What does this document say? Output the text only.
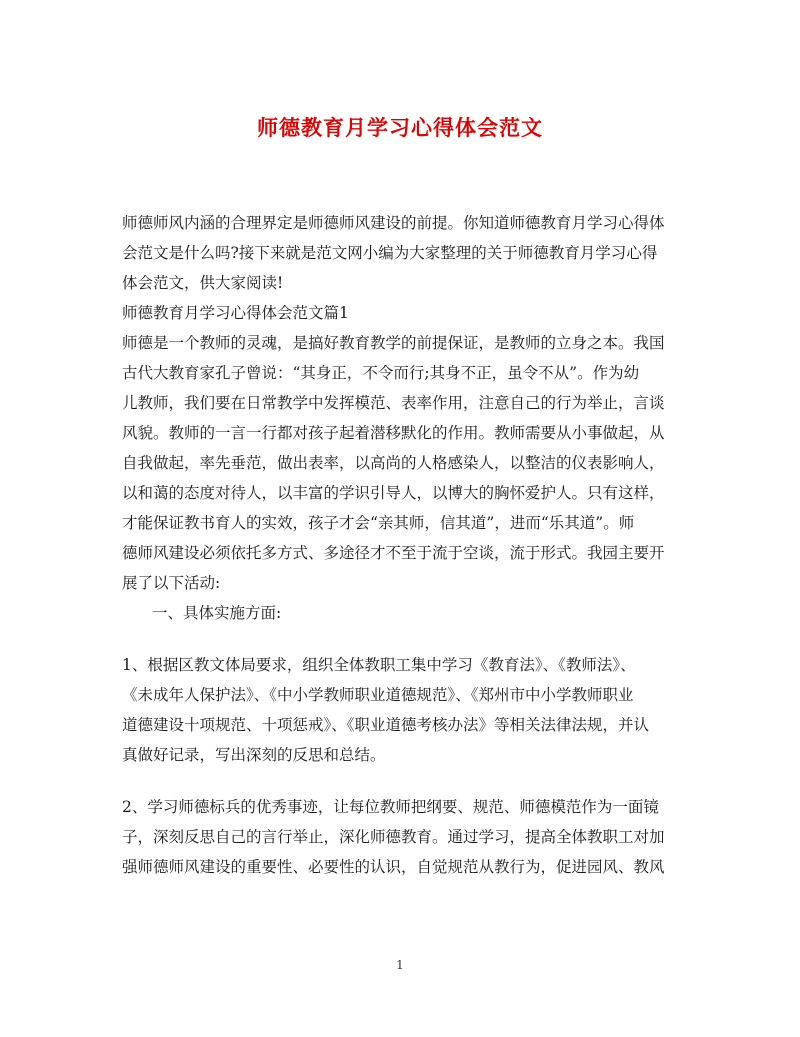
师德教育月学习心得体会范文
师德师风内涵的合理界定是师德师风建设的前提。你知道师德教育月学习心得体
会范文是什么吗?接下来就是范文网小编为大家整理的关于师德教育月学习心得
体会范文，供大家阅读!
师德教育月学习心得体会范文篇1
师德是一个教师的灵魂，是搞好教育教学的前提保证，是教师的立身之本。我国
古代大教育家孔子曾说：“其身正，不令而行;其身不正，虽令不从”。作为幼
儿教师，我们要在日常教学中发挥模范、表率作用，注意自己的行为举止，言谈
风貌。教师的一言一行都对孩子起着潜移默化的作用。教师需要从小事做起，从
自我做起，率先垂范，做出表率，以高尚的人格感染人，以整洁的仪表影响人，
以和蔼的态度对待人，以丰富的学识引导人，以博大的胸怀爱护人。只有这样，
才能保证教书育人的实效，孩子才会“亲其师，信其道”，进而“乐其道”。师
德师风建设必须依托多方式、多途径才不至于流于空谈，流于形式。我园主要开
展了以下活动:
一、具体实施方面:
1、根据区教文体局要求，组织全体教职工集中学习《教育法》、《教师法》、
《未成年人保护法》、《中小学教师职业道德规范》、《郑州市中小学教师职业
道德建设十项规范、十项惩戒》、《职业道德考核办法》等相关法律法规，并认
真做好记录，写出深刻的反思和总结。
2、学习师德标兵的优秀事迹，让每位教师把纲要、规范、师德模范作为一面镜
子，深刻反思自己的言行举止，深化师德教育。通过学习，提高全体教职工对加
强师德师风建设的重要性、必要性的认识，自觉规范从教行为，促进园风、教风
1
